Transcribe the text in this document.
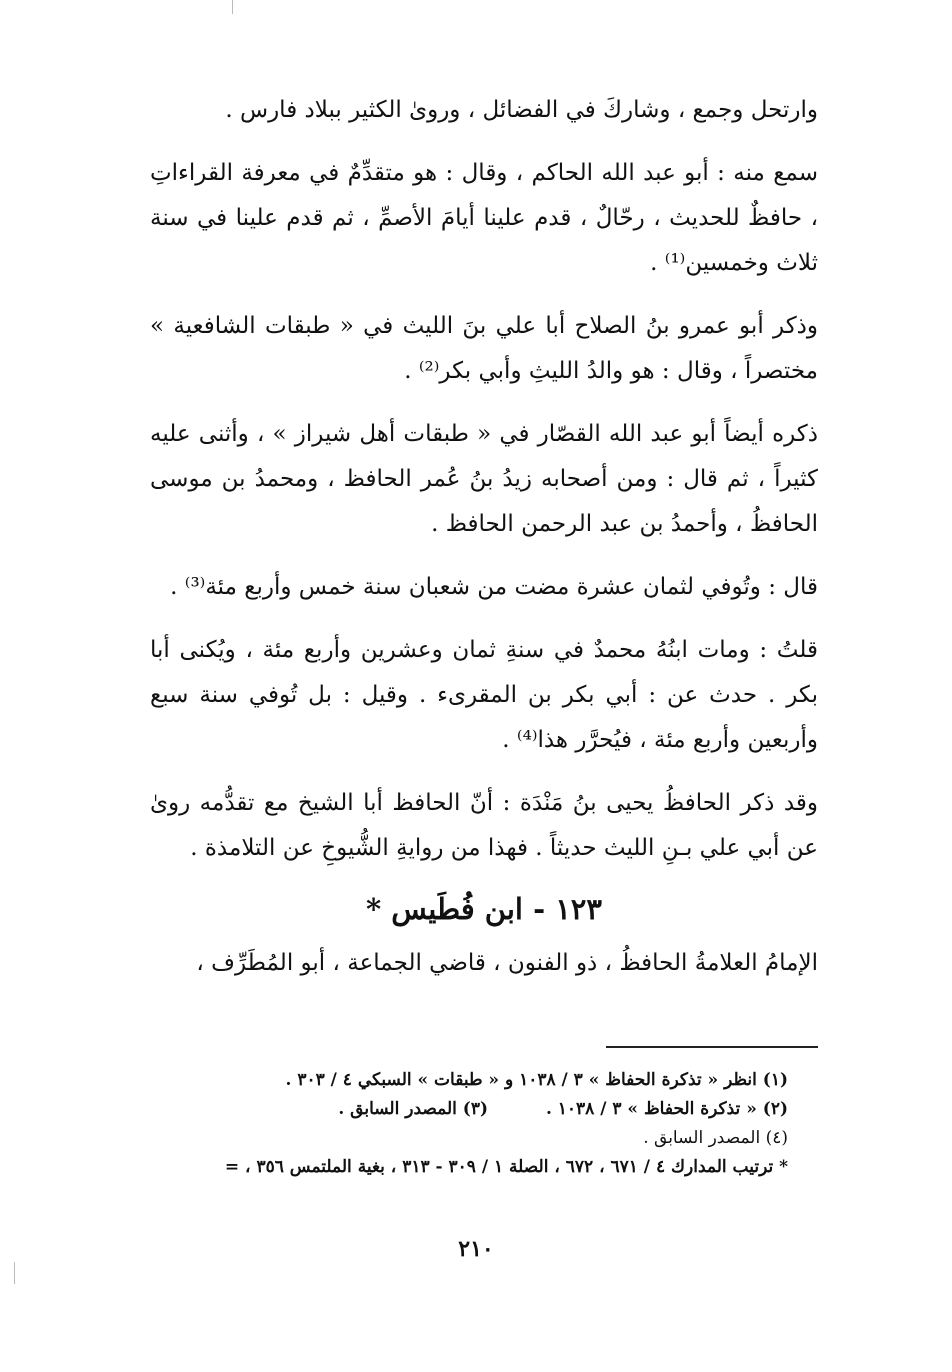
وارتحل وجمع ، وشاركَ في الفضائل ، وروىٰ الكثير ببلاد فارس .

سمع منه : أبو عبد الله الحاكم ، وقال : هو متقدِّمٌ في معرفة القراءاتِ ، حافظٌ للحديث ، رحّالٌ ، قدم علينا أيامَ الأصمِّ ، ثم قدم علينا في سنة ثلاث وخمسين⁽¹⁾ .

وذكر أبو عمرو بنُ الصلاح أبا علي بنَ الليث في « طبقات الشافعية » مختصراً ، وقال : هو والدُ الليثِ وأبي بكر⁽²⁾ .

ذكره أيضاً أبو عبد الله القصّار في « طبقات أهل شيراز » ، وأثنى عليه كثيراً ، ثم قال : ومن أصحابه زيدُ بنُ عُمر الحافظ ، ومحمدُ بن موسى الحافظُ ، وأحمدُ بن عبد الرحمن الحافظ .

قال : وتُوفي لثمان عشرة مضت من شعبان سنة خمس وأربع مئة⁽³⁾ .

قلتُ : ومات ابنُهُ محمدٌ في سنةِ ثمان وعشرين وأربع مئة ، ويُكنى أبا بكر . حدث عن : أبي بكر بن المقرىء . وقيل : بل تُوفي سنة سبع وأربعين وأربع مئة ، فيُحرَّر هذا⁽⁴⁾ .

وقد ذكر الحافظُ يحيى بنُ مَنْدَة : أنّ الحافظ أبا الشيخ مع تقدُّمه روىٰ عن أبي علي بـنِ الليث حديثاً . فهذا من روايةِ الشُّيوخِ عن التلامذة .

١٢٣ - ابن فُطَيس *

الإمامُ العلامةُ الحافظُ ، ذو الفنون ، قاضي الجماعة ، أبو المُطَرِّف ،

(١) انظر « تذكرة الحفاظ » ٣ / ١٠٣٨ و « طبقات » السبكي ٤ / ٣٠٣ .
(٢) « تذكرة الحفاظ » ٣ / ١٠٣٨ .
(٣) المصدر السابق .
(٤) المصدر السابق .
* ترتيب المدارك ٤ / ٦٧١ ، ٦٧٢ ، الصلة ١ / ٣٠٩ - ٣١٣ ، بغية الملتمس ٣٥٦ ، =
٢١٠
